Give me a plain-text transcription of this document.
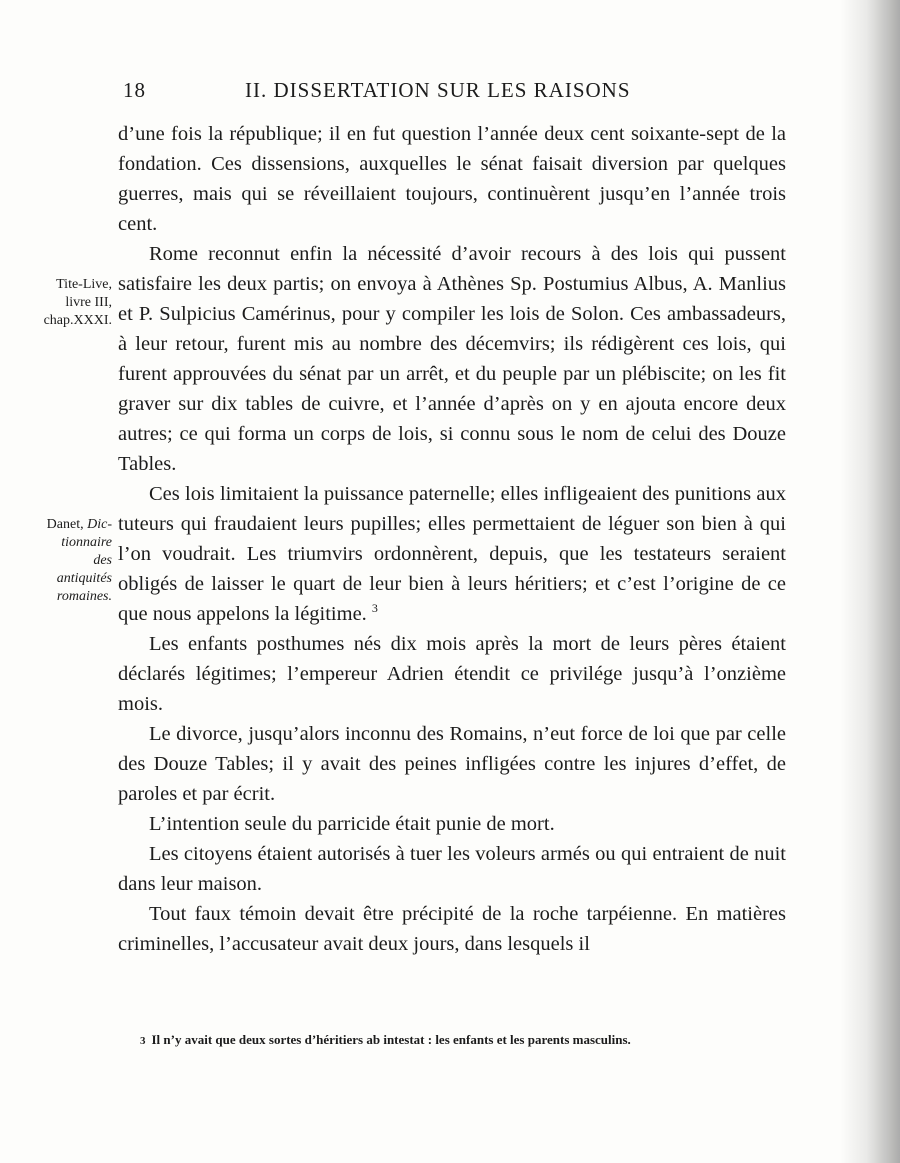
18	II. DISSERTATION SUR LES RAISONS
Tite-Live,
livre III,
chap.XXXI.
Danet, Dic-
tionnaire
des
antiquités
romaines.

d’une fois la république; il en fut question l’année deux cent soixante-sept de la fondation. Ces dissensions, auxquelles le sénat faisait diversion par quelques guerres, mais qui se réveillaient toujours, continuèrent jusqu’en l’année trois cent.

Rome reconnut enfin la nécessité d’avoir recours à des lois qui pussent satisfaire les deux partis; on envoya à Athènes Sp. Postumius Albus, A. Manlius et P. Sulpicius Camérinus, pour y compiler les lois de Solon. Ces ambassadeurs, à leur retour, furent mis au nombre des décemvirs; ils rédigèrent ces lois, qui furent approuvées du sénat par un arrêt, et du peuple par un plébiscite; on les fit graver sur dix tables de cuivre, et l’année d’après on y en ajouta encore deux autres; ce qui forma un corps de lois, si connu sous le nom de celui des Douze Tables.

Ces lois limitaient la puissance paternelle; elles infligeaient des punitions aux tuteurs qui fraudaient leurs pupilles; elles permettaient de léguer son bien à qui l’on voudrait. Les triumvirs ordonnèrent, depuis, que les testateurs seraient obligés de laisser le quart de leur bien à leurs héritiers; et c’est l’origine de ce que nous appelons la légitime. $^3$

Les enfants posthumes nés dix mois après la mort de leurs pères étaient déclarés légitimes; l’empereur Adrien étendit ce privilége jusqu’à l’onzième mois.

Le divorce, jusqu’alors inconnu des Romains, n’eut force de loi que par celle des Douze Tables; il y avait des peines infligées contre les injures d’effet, de paroles et par écrit.

L’intention seule du parricide était punie de mort.

Les citoyens étaient autorisés à tuer les voleurs armés ou qui entraient de nuit dans leur maison.

Tout faux témoin devait être précipité de la roche tarpéienne. En matières criminelles, l’accusateur avait deux jours, dans lesquels il

3 Il n’y avait que deux sortes d’héritiers ab intestat : les enfants et les parents masculins.
